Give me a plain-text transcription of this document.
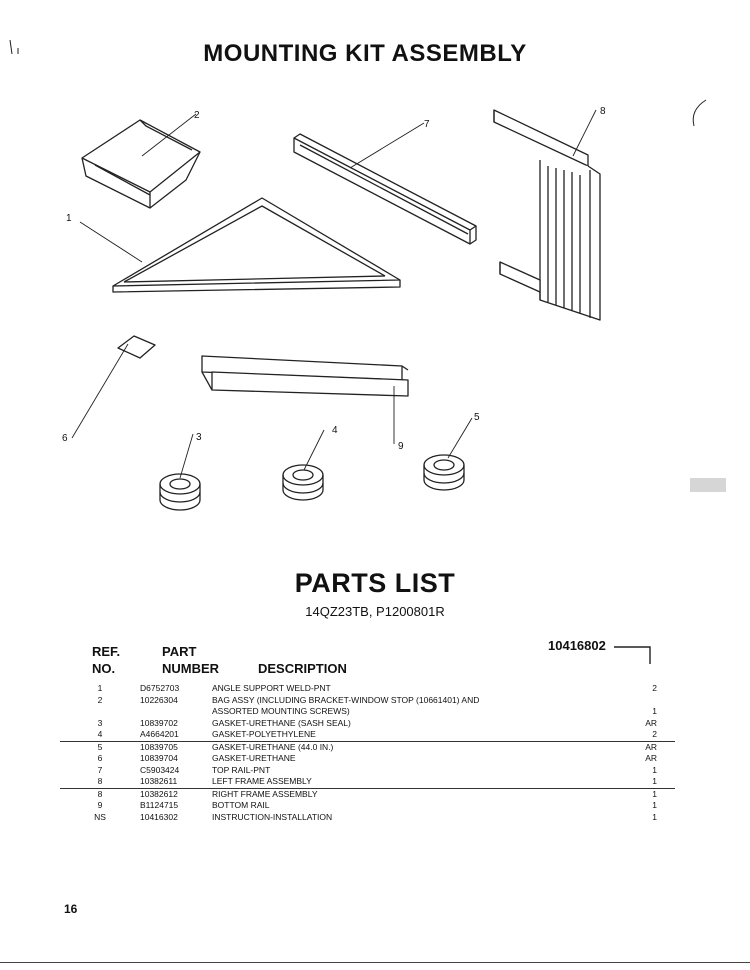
MOUNTING KIT ASSEMBLY
1
2
3
4
5
6
7
8
9
PARTS LIST
14QZ23TB, P1200801R
REF.
NO.
PART
NUMBER	DESCRIPTION
10416802
1	D6752703	ANGLE SUPPORT WELD-PNT	2
2	10226304	BAG ASSY (INCLUDING BRACKET-WINDOW STOP (10661401) AND	
		ASSORTED MOUNTING SCREWS)	1
3	10839702	GASKET-URETHANE (SASH SEAL)	AR
4	A4664201	GASKET-POLYETHYLENE	2
5	10839705	GASKET-URETHANE (44.0 IN.)	AR
6	10839704	GASKET-URETHANE	AR
7	C5903424	TOP RAIL-PNT	1
8	10382611	LEFT FRAME ASSEMBLY	1
8	10382612	RIGHT FRAME ASSEMBLY	1
9	B1124715	BOTTOM RAIL	1
NS	10416302	INSTRUCTION-INSTALLATION	1
16
